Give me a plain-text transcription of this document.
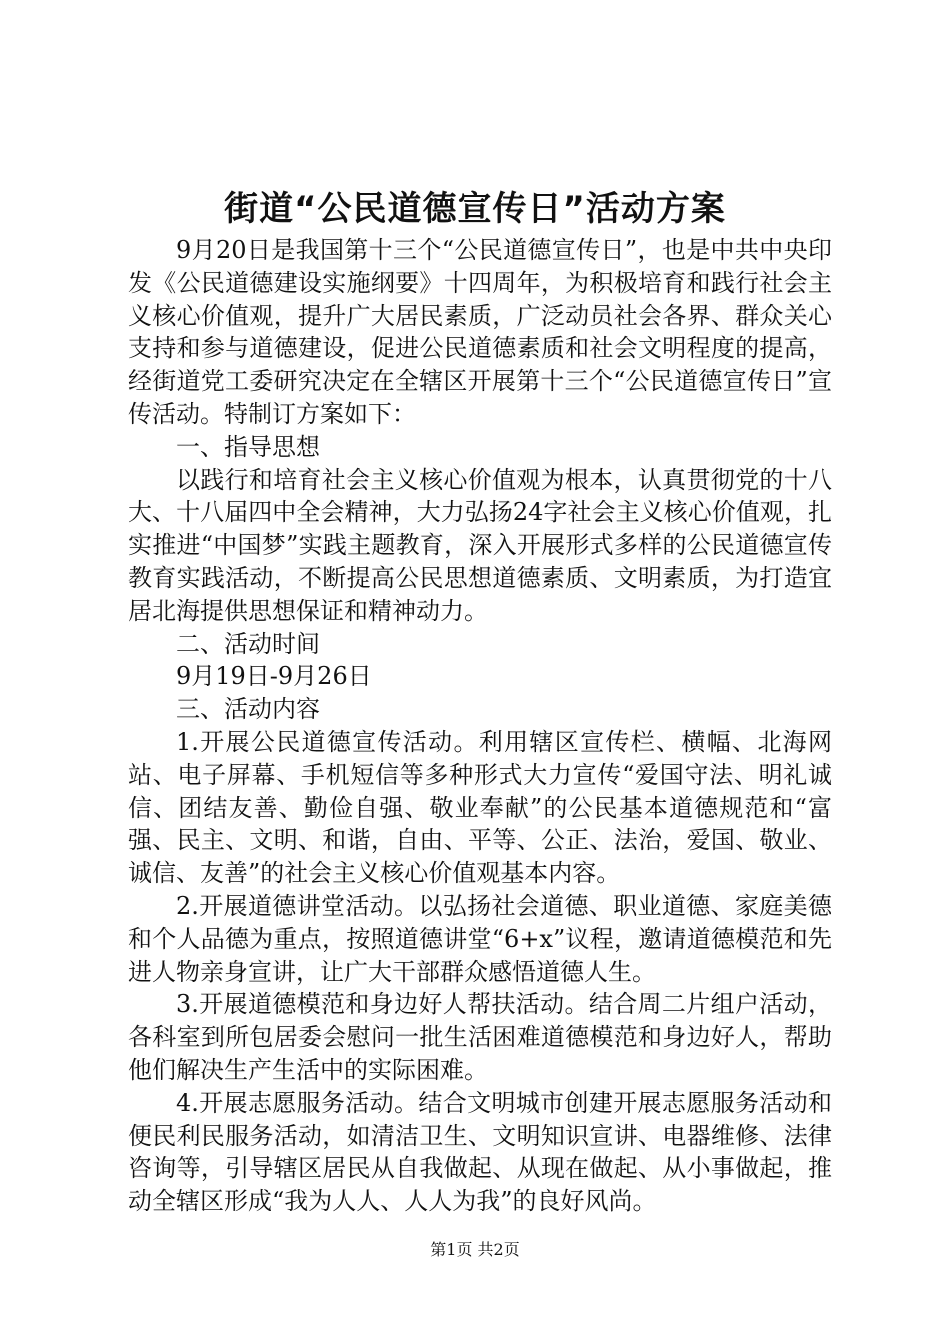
街道“公民道德宣传日”活动方案

9月20日是我国第十三个“公民道德宣传日”，也是中共中央印发《公民道德建设实施纲要》十四周年，为积极培育和践行社会主义核心价值观，提升广大居民素质，广泛动员社会各界、群众关心支持和参与道德建设，促进公民道德素质和社会文明程度的提高，经街道党工委研究决定在全辖区开展第十三个“公民道德宣传日”宣传活动。特制订方案如下：

一、指导思想

以践行和培育社会主义核心价值观为根本，认真贯彻党的十八大、十八届四中全会精神，大力弘扬24字社会主义核心价值观，扎实推进“中国梦”实践主题教育，深入开展形式多样的公民道德宣传教育实践活动，不断提高公民思想道德素质、文明素质，为打造宜居北海提供思想保证和精神动力。

二、活动时间

9月19日-9月26日

三、活动内容

1.开展公民道德宣传活动。利用辖区宣传栏、横幅、北海网站、电子屏幕、手机短信等多种形式大力宣传“爱国守法、明礼诚信、团结友善、勤俭自强、敬业奉献”的公民基本道德规范和“富强、民主、文明、和谐，自由、平等、公正、法治，爱国、敬业、诚信、友善”的社会主义核心价值观基本内容。

2.开展道德讲堂活动。以弘扬社会道德、职业道德、家庭美德和个人品德为重点，按照道德讲堂“6+x”议程，邀请道德模范和先进人物亲身宣讲，让广大干部群众感悟道德人生。

3.开展道德模范和身边好人帮扶活动。结合周二片组户活动，各科室到所包居委会慰问一批生活困难道德模范和身边好人，帮助他们解决生产生活中的实际困难。

4.开展志愿服务活动。结合文明城市创建开展志愿服务活动和便民利民服务活动，如清洁卫生、文明知识宣讲、电器维修、法律咨询等，引导辖区居民从自我做起、从现在做起、从小事做起，推动全辖区形成“我为人人、人人为我”的良好风尚。

第1页 共2页
